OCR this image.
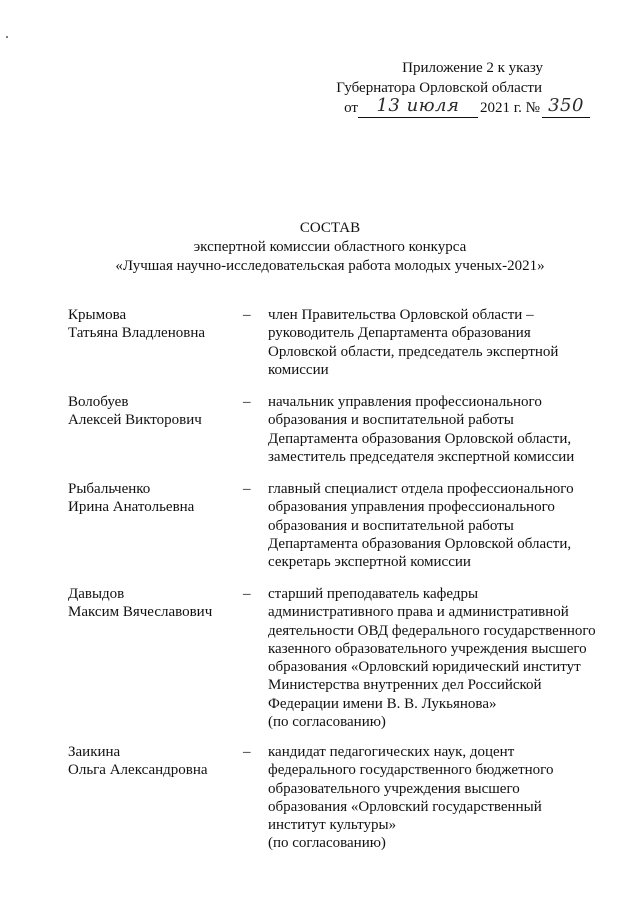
Приложение 2 к указу
Губернатора Орловской области
от	13 июля	2021 г. № 350
СОСТАВ
экспертной комиссии областного конкурса
«Лучшая научно-исследовательская работа молодых ученых-2021»
Крымова
Татьяна Владленовна
–	член Правительства Орловской области –
руководитель Департамента образования
Орловской области, председатель экспертной
комиссии
Волобуев
Алексей Викторович
–	начальник управления профессионального
образования и воспитательной работы
Департамента образования Орловской области,
заместитель председателя экспертной комиссии
Рыбальченко
Ирина Анатольевна
–	главный специалист отдела профессионального
образования управления профессионального
образования и воспитательной работы
Департамента образования Орловской области,
секретарь экспертной комиссии
Давыдов
Максим Вячеславович
–	старший преподаватель кафедры
административного права и административной
деятельности ОВД федерального государственного
казенного образовательного учреждения высшего
образования «Орловский юридический институт
Министерства внутренних дел Российской
Федерации имени В. В. Лукьянова»
(по согласованию)
Заикина
Ольга Александровна
–	кандидат педагогических наук, доцент
федерального государственного бюджетного
образовательного учреждения высшего
образования «Орловский государственный
институт культуры»
(по согласованию)
